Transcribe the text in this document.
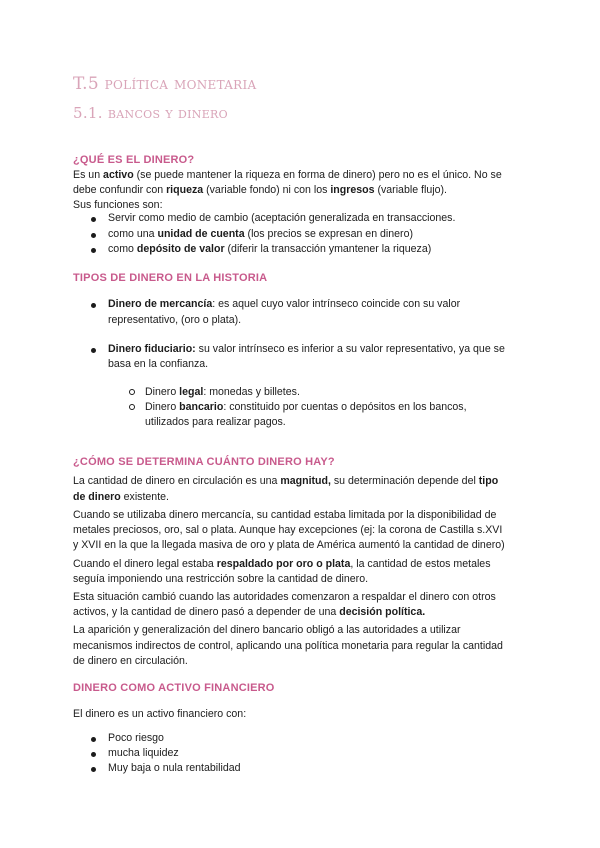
T.5 política monetaria
5.1. bancos y dinero
¿QUÉ ES EL DINERO?
Es un activo (se puede mantener la riqueza en forma de dinero) pero no es el único. No se
debe confundir con riqueza (variable fondo) ni con los ingresos (variable flujo).
Sus funciones son:
Servir como medio de cambio (aceptación generalizada en transacciones.
como una unidad de cuenta (los precios se expresan en dinero)
como depósito de valor (diferir la transacción ymantener la riqueza)
TIPOS DE DINERO EN LA HISTORIA
Dinero de mercancía: es aquel cuyo valor intrínseco coincide con su valor
representativo, (oro o plata).
Dinero fiduciario: su valor intrínseco es inferior a su valor representativo, ya que se
basa en la confianza.
Dinero legal: monedas y billetes.
Dinero bancario: constituido por cuentas o depósitos en los bancos,
utilizados para realizar pagos.
¿CÓMO SE DETERMINA CUÁNTO DINERO HAY?
La cantidad de dinero en circulación es una magnitud, su determinación depende del tipo
de dinero existente.
Cuando se utilizaba dinero mercancía, su cantidad estaba limitada por la disponibilidad de
metales preciosos, oro, sal o plata. Aunque hay excepciones (ej: la corona de Castilla s.XVI
y XVII en la que la llegada masiva de oro y plata de América aumentó la cantidad de dinero)
Cuando el dinero legal estaba respaldado por oro o plata, la cantidad de estos metales
seguía imponiendo una restricción sobre la cantidad de dinero.
Esta situación cambió cuando las autoridades comenzaron a respaldar el dinero con otros
activos, y la cantidad de dinero pasó a depender de una decisión política.
La aparición y generalización del dinero bancario obligó a las autoridades a utilizar
mecanismos indirectos de control, aplicando una política monetaria para regular la cantidad
de dinero en circulación.
DINERO COMO ACTIVO FINANCIERO
El dinero es un activo financiero con:
Poco riesgo
mucha liquidez
Muy baja o nula rentabilidad
